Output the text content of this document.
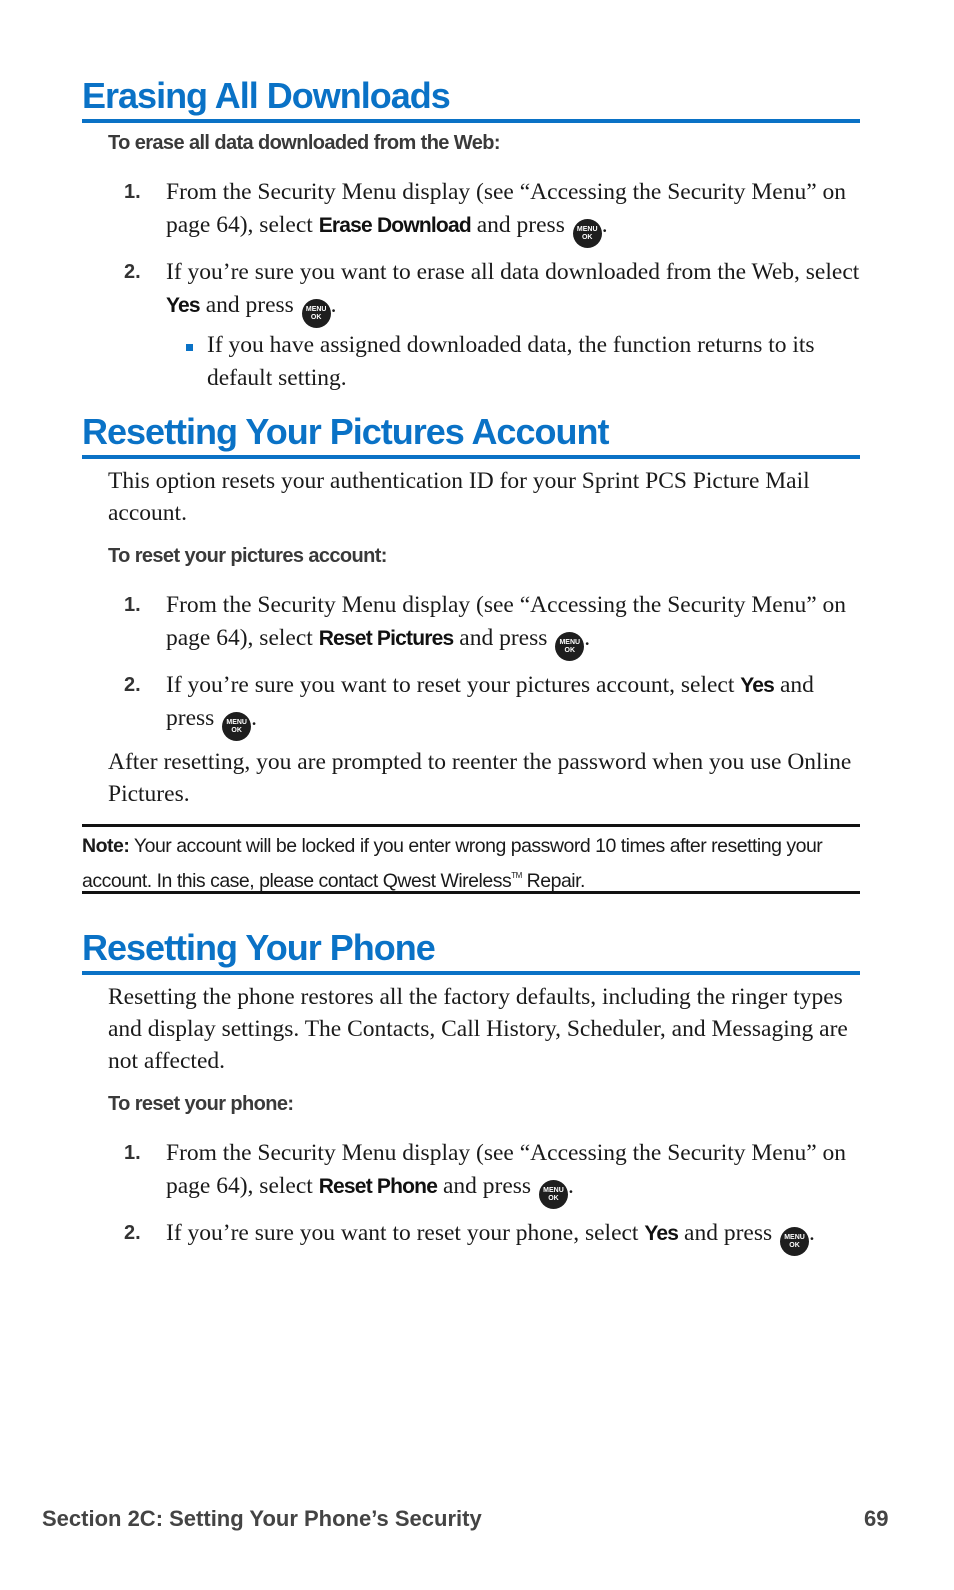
Erasing All Downloads
To erase all data downloaded from the Web:
1. From the Security Menu display (see “Accessing the Security Menu” on page 64), select Erase Download and press MENU
OK .
2. If you’re sure you want to erase all data downloaded from the Web, select Yes and press MENU
OK .
If you have assigned downloaded data, the function returns to its default setting.
Resetting Your Pictures Account
This option resets your authentication ID for your Sprint PCS Picture Mail account.
To reset your pictures account:
1. From the Security Menu display (see “Accessing the Security Menu” on page 64), select Reset Pictures and press MENU
OK .
2. If you’re sure you want to reset your pictures account, select Yes and press MENU
OK .
After resetting, you are prompted to reenter the password when you use Online Pictures.
Note: Your account will be locked if you enter wrong password 10 times after resetting your account. In this case, please contact Qwest Wireless™ Repair.
Resetting Your Phone
Resetting the phone restores all the factory defaults, including the ringer types and display settings. The Contacts, Call History, Scheduler, and Messaging are not affected.
To reset your phone:
1. From the Security Menu display (see “Accessing the Security Menu” on page 64), select Reset Phone and press MENU
OK .
2. If you’re sure you want to reset your phone, select Yes and press MENU
OK .
Section 2C: Setting Your Phone’s Security	69
